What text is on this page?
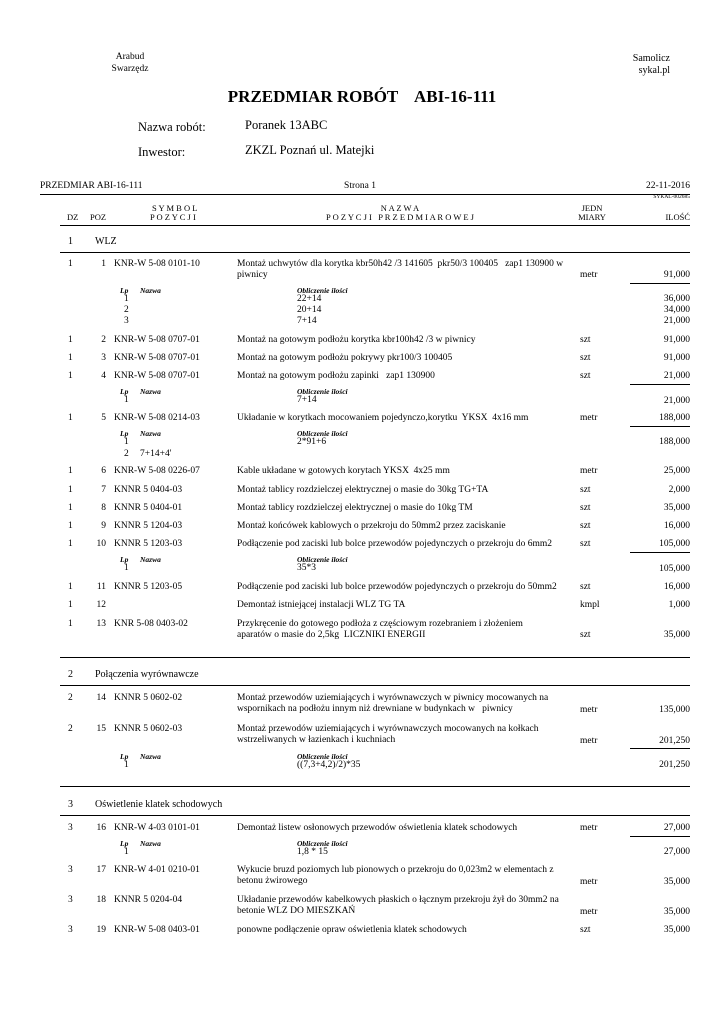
Arabud
Swarzędz
Samolicz
sykal.pl
PRZEDMIAR ROBÓT    ABI-16-111
Nazwa robót:	Poranek 13ABC
Inwestor:	ZKZL Poznań ul. Matejki
PRZEDMIAR ABI-16-111	Strona 1	22-11-2016
SYKAL-002685
S Y M B O L
P O Z Y C J I
N A Z W A
P O Z Y C J I   P R Z E D M I A R O W E J
DZ POZ
JEDN
MIARY	ILOŚĆ
1 WLZ
1	1 KNR-W 5-08 0101-10	Montaż uchwytów dla korytka kbr50h42 /3 141605  pkr50/3 100405   zap1 130900 w
piwnicy	metr	91,000
Lp Nazwa	Obliczenie ilości
1	22+14	36,000
2	20+14	34,000
3	7+14	21,000
1	2 KNR-W 5-08 0707-01	Montaż na gotowym podłożu korytka kbr100h42 /3 w piwnicy	szt	91,000
1	3 KNR-W 5-08 0707-01	Montaż na gotowym podłożu pokrywy pkr100/3 100405	szt	91,000
1	4 KNR-W 5-08 0707-01	Montaż na gotowym podłożu zapinki   zap1 130900	szt	21,000
Lp Nazwa	Obliczenie ilości
1	7+14	21,000
1	5 KNR-W 5-08 0214-03	Układanie w korytkach mocowaniem pojedynczo,korytku  YKSX  4x16 mm	metr	188,000
Lp Nazwa	Obliczenie ilości
1	2*91+6	188,000
2 7+14+4'
1	6 KNR-W 5-08 0226-07	Kable układane w gotowych korytach YKSX  4x25 mm	metr	25,000
1	7 KNNR 5 0404-03	Montaż tablicy rozdzielczej elektrycznej o masie do 30kg TG+TA	szt	2,000
1	8 KNNR 5 0404-01	Montaż tablicy rozdzielczej elektrycznej o masie do 10kg TM	szt	35,000
1	9 KNNR 5 1204-03	Montaż końcówek kablowych o przekroju do 50mm2 przez zaciskanie	szt	16,000
1	10 KNNR 5 1203-03	Podłączenie pod zaciski lub bolce przewodów pojedynczych o przekroju do 6mm2	szt	105,000
Lp Nazwa	Obliczenie ilości
1	35*3	105,000
1	11 KNNR 5 1203-05	Podłączenie pod zaciski lub bolce przewodów pojedynczych o przekroju do 50mm2 szt	16,000
1	12	Demontaż istniejącej instalacji WLZ TG TA	kmpl	1,000
1	13 KNR 5-08 0403-02	Przykręcenie do gotowego podłoża z częściowym rozebraniem i złożeniem
aparatów o masie do 2,5kg  LICZNIKI ENERGII	szt	35,000
2 Połączenia wyrównawcze
2	14 KNNR 5 0602-02	Montaż przewodów uziemiających i wyrównawczych w piwnicy mocowanych na
wspornikach na podłożu innym niż drewniane w budynkach w   piwnicy	metr	135,000
2	15 KNNR 5 0602-03	Montaż przewodów uziemiających i wyrównawczych mocowanych na kołkach
wstrzeliwanych w łazienkach i kuchniach	metr	201,250
Lp Nazwa	Obliczenie ilości
1	((7,3+4,2)/2)*35	201,250
3 Oświetlenie klatek schodowych
3	16 KNR-W 4-03 0101-01	Demontaż listew osłonowych przewodów oświetlenia klatek schodowych	metr	27,000
Lp Nazwa	Obliczenie ilości
1	1,8 * 15	27,000
3	17 KNR-W 4-01 0210-01	Wykucie bruzd poziomych lub pionowych o przekroju do 0,023m2 w elementach z
betonu żwirowego	metr	35,000
3	18 KNNR 5 0204-04	Układanie przewodów kabelkowych płaskich o łącznym przekroju żył do 30mm2 na
betonie WLZ DO MIESZKAŃ	metr	35,000
3	19 KNR-W 5-08 0403-01	ponowne podłączenie opraw oświetlenia klatek schodowych	szt	35,000
